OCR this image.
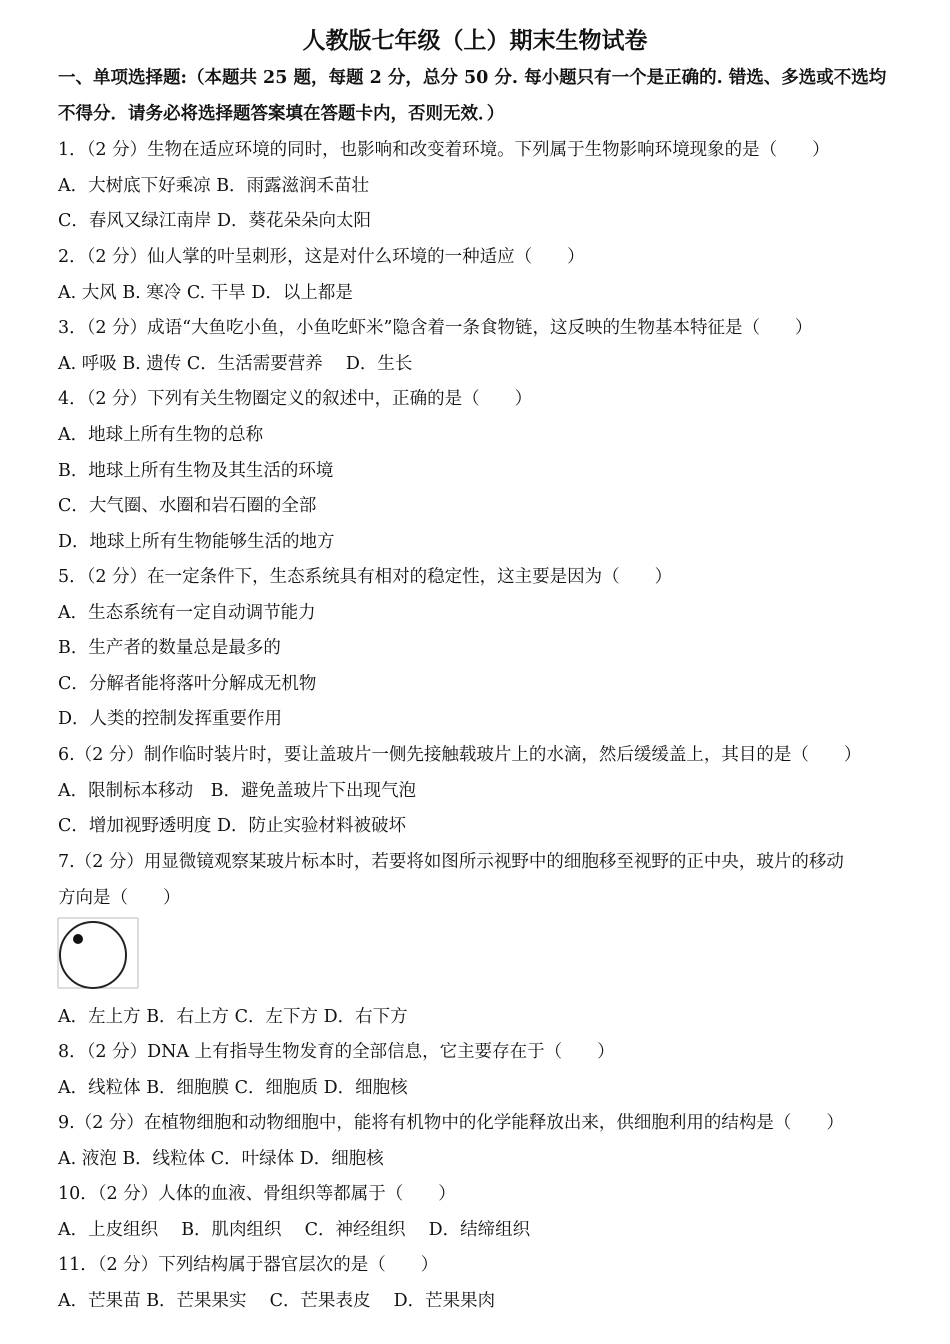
人教版七年级（上）期末生物试卷
一、单项选择题:（本题共 25 题，每题 2 分，总分 50 分. 每小题只有一个是正确的. 错选、多选或不选均
不得分．请务必将选择题答案填在答题卡内，否则无效．）
1．（2 分）生物在适应环境的同时，也影响和改变着环境。下列属于生物影响环境现象的是（　　）
A．大树底下好乘凉 B．雨露滋润禾苗壮
C．春风又绿江南岸 D．葵花朵朵向太阳
2．（2 分）仙人掌的叶呈刺形，这是对什么环境的一种适应（　　）
A. 大风 B. 寒冷 C. 干旱 D．以上都是
3．（2 分）成语“大鱼吃小鱼，小鱼吃虾米”隐含着一条食物链，这反映的生物基本特征是（　　）
A. 呼吸 B. 遗传 C．生活需要营养　 D．生长
4．（2 分）下列有关生物圈定义的叙述中，正确的是（　　）
A．地球上所有生物的总称
B．地球上所有生物及其生活的环境
C．大气圈、水圈和岩石圈的全部
D．地球上所有生物能够生活的地方
5．（2 分）在一定条件下，生态系统具有相对的稳定性，这主要是因为（　　）
A．生态系统有一定自动调节能力
B．生产者的数量总是最多的
C．分解者能将落叶分解成无机物
D．人类的控制发挥重要作用
6.（2 分）制作临时装片时，要让盖玻片一侧先接触载玻片上的水滴，然后缓缓盖上，其目的是（　　）
A．限制标本移动　B．避免盖玻片下出现气泡
C．增加视野透明度 D．防止实验材料被破坏
7.（2 分）用显微镜观察某玻片标本时，若要将如图所示视野中的细胞移至视野的正中央，玻片的移动
方向是（　　）
A．左上方 B．右上方 C．左下方 D．右下方
8．（2 分）DNA 上有指导生物发育的全部信息，它主要存在于（　　）
A．线粒体 B．细胞膜 C．细胞质 D．细胞核
9.（2 分）在植物细胞和动物细胞中，能将有机物中的化学能释放出来，供细胞利用的结构是（　　）
A. 液泡 B．线粒体 C．叶绿体 D．细胞核
10．（2 分）人体的血液、骨组织等都属于（　　）
A．上皮组织　 B．肌肉组织　 C．神经组织　 D．结缔组织
11．（2 分）下列结构属于器官层次的是（　　）
A．芒果苗 B．芒果果实　 C．芒果表皮　 D．芒果果肉
